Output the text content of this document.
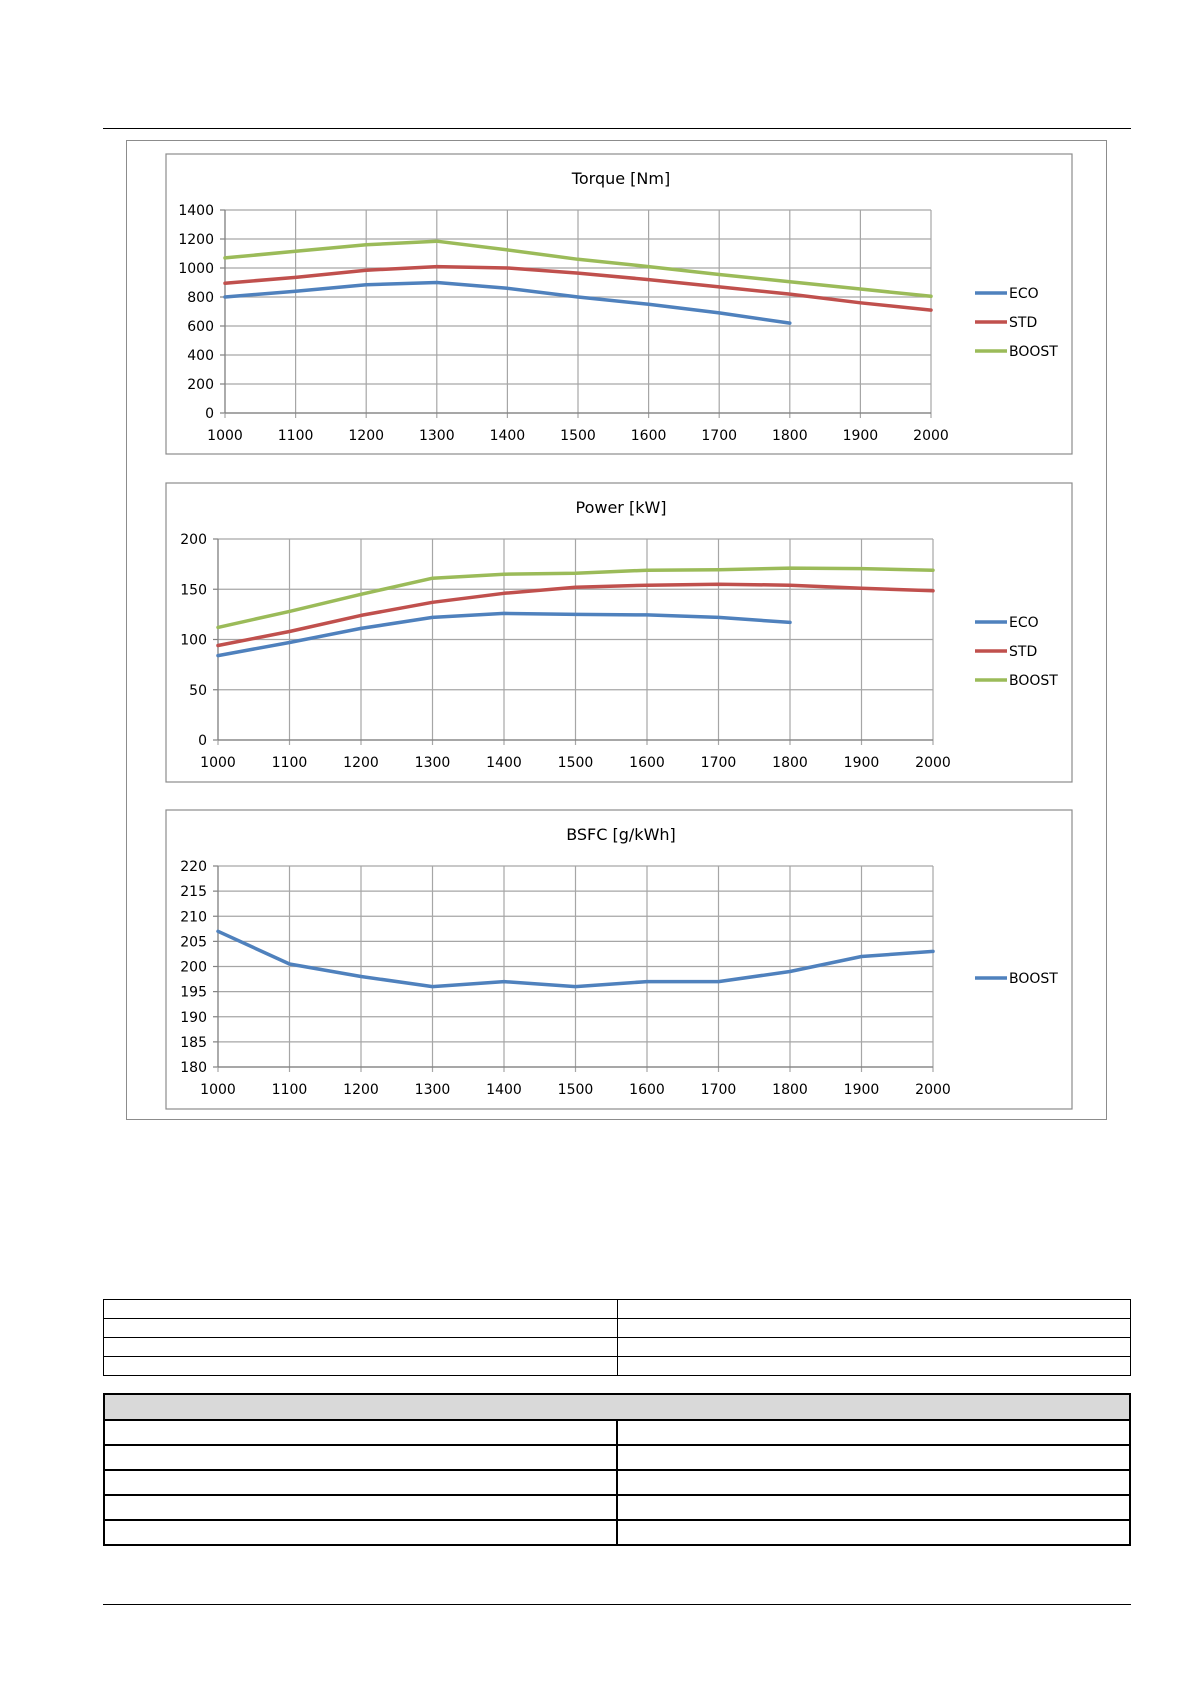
Torque [Nm]
0
200
400
600
800
1000
1200
1400
1000 1100 1200 1300 1400 1500 1600 1700 1800 1900 2000
ECO
STD
BOOST
Power [kW]
0
50
100
150
200
1000	1100	1200	1300	1400	1500	1600	1700	1800	1900	2000
ECO
STD
BOOST
BSFC [g/kWh]
180
185
190
195
200
205
210
215
220
1000	1100	1200	1300	1400	1500	1600	1700	1800	1900	2000
BOOST
